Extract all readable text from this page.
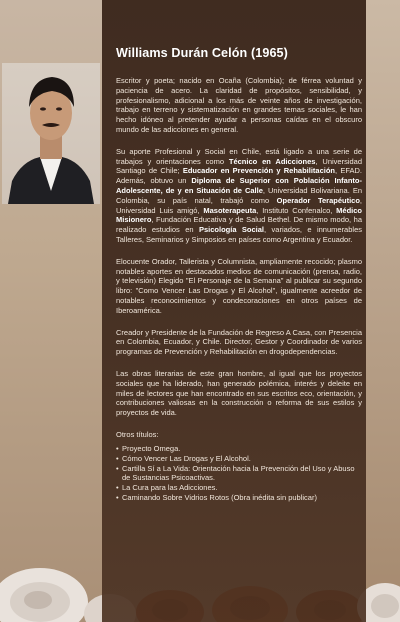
Williams Durán Celón (1965)

Escritor y poeta; nacido en Ocaña (Colombia); de férrea voluntad y paciencia de acero. La claridad de propósitos, sensibilidad, y profesionalismo, adicional a los más de veinte años de investigación, trabajo en terreno y sistematización en grandes temas sociales, le han hecho idóneo al pretender ayudar a personas caídas en el obscuro mundo de las adicciones en general.

Su aporte Profesional y Social en Chile, está ligado a una serie de trabajos y orientaciones como Técnico en Adicciones, Universidad Santiago de Chile; Educador en Prevención y Rehabilitación, EFAD. Además, obtuvo un Diploma de Superior con Población Infanto-Adolescente, de y en Situación de Calle, Universidad Bolivariana. En Colombia, su país natal, trabajó como Operador Terapéutico, Universidad Luis amigó, Masoterapeuta, Instituto Confenalco, Médico Misionero, Fundación Educativa y de Salud Bethel. De mismo modo, ha realizado estudios en Psicología Social, variados, e innumerables Talleres, Seminarios y Simposios en países como Argentina y Ecuador.

Elocuente Orador, Tallerista y Columnista, ampliamente recocido; plasmo notables aportes en destacados medios de comunicación (prensa, radio, y televisión) Elegido "El Personaje de la Semana" al publicar su segundo libro: "Como Vencer Las Drogas y El Alcohol", igualmente acreedor de notables reconocimientos y condecoraciones en otros países de Iberoamérica.

Creador y Presidente de la Fundación de Regreso A Casa, con Presencia en Colombia, Ecuador, y Chile. Director, Gestor y Coordinador de varios programas de Prevención y Rehabilitación en drogodependencias.

Las obras literarias de este gran hombre, al igual que los proyectos sociales que ha liderado, han generado polémica, interés y deleite en miles de lectores que han encontrado en sus escritos eco, orientación, y contribuciones valiosas en la construcción o reforma de sus estilos y proyectos de vida.

Otros títulos:
• Proyecto Omega.
• Cómo Vencer Las Drogas y El Alcohol.
• Cartilla Sí a La Vida: Orientación hacia la Prevención del Uso y Abuso de Sustancias Psicoactivas.
• La Cura para las Adicciones.
• Caminando Sobre Vidrios Rotos (Obra inédita sin publicar)
